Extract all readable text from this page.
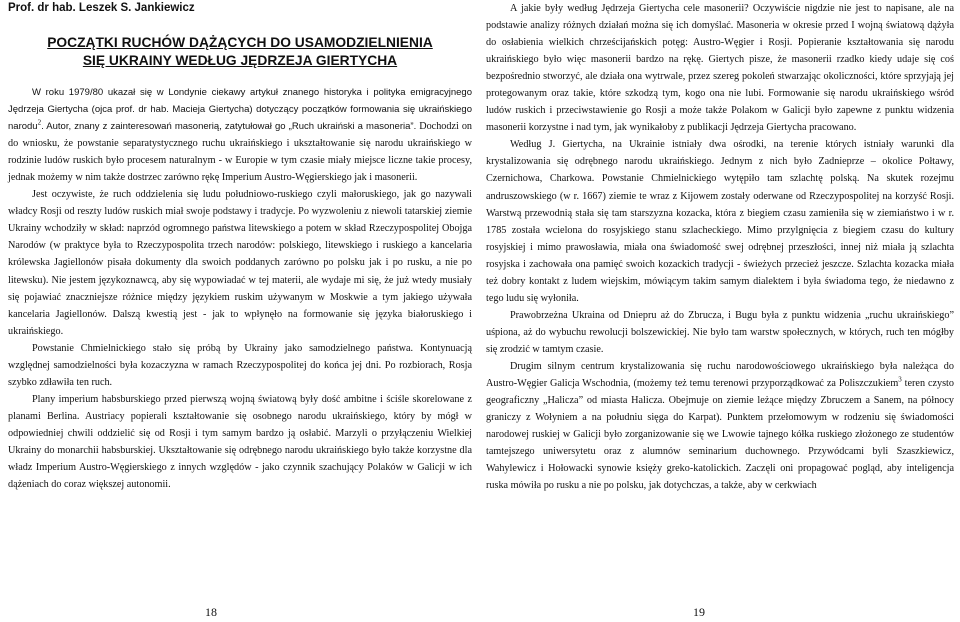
Prof. dr hab. Leszek S. Jankiewicz

POCZĄTKI RUCHÓW DĄŻĄCYCH DO USAMODZIELNIENIA
SIĘ UKRAINY WEDŁUG JĘDRZEJA GIERTYCHA

W roku 1979/80 ukazał się w Londynie ciekawy artykuł znanego historyka i polityka emigracyjnego Jędrzeja Giertycha (ojca prof. dr hab. Macieja Giertycha) dotyczący początków formowania się ukraińskiego narodu$^2$. Autor, znany z zainteresowań masonerią, zatytułował go „Ruch ukraiński a masoneria”. Dochodzi on do wniosku, że powstanie separatystycznego ruchu ukraińskiego i ukształtowanie się narodu ukraińskiego w rodzinie ludów ruskich było procesem naturalnym - w Europie w tym czasie miały miejsce liczne takie procesy, jednak możemy w nim także dostrzec zarówno rękę Imperium Austro-Węgierskiego jak i masonerii.

Jest oczywiste, że ruch oddzielenia się ludu południowo-ruskiego czyli małoruskiego, jak go nazywali władcy Rosji od reszty ludów ruskich miał swoje podstawy i tradycje. Po wyzwoleniu z niewoli tatarskiej ziemie Ukrainy wchodziły w skład: naprzód ogromnego państwa litewskiego a potem w skład Rzeczypospolitej Obojga Narodów (w praktyce była to Rzeczypospolita trzech narodów: polskiego, litewskiego i ruskiego a kancelaria królewska Jagiellonów pisała dokumenty dla swoich poddanych zarówno po polsku jak i po rusku, a nie po litewsku). Nie jestem językoznawcą, aby się wypowiadać w tej materii, ale wydaje mi się, że już wtedy musiały się pojawiać znaczniejsze różnice między językiem ruskim używanym w Moskwie a tym jakiego używała kancelaria Jagiellonów. Dalszą kwestią jest - jak to wpłynęło na formowanie się języka białoruskiego i ukraińskiego.

Powstanie Chmielnickiego stało się próbą by Ukrainy jako samodzielnego państwa. Kontynuacją względnej samodzielności była kozaczyzna w ramach Rzeczypospolitej do końca jej dni. Po rozbiorach, Rosja szybko zdławiła ten ruch.

Plany imperium habsburskiego przed pierwszą wojną światową były dość ambitne i ściśle skorelowane z planami Berlina. Austriacy popierali kształtowanie się osobnego narodu ukraińskiego, który by mógł w odpowiedniej chwili oddzielić się od Rosji i tym samym bardzo ją osłabić. Marzyli o przyłączeniu Wielkiej Ukrainy do monarchii habsburskiej. Ukształtowanie się odrębnego narodu ukraińskiego było także korzystne dla władz Imperium Austro-Węgierskiego z innych względów - jako czynnik szachujący Polaków w Galicji w ich dążeniach do coraz większej autonomii.

18

A jakie były według Jędrzeja Giertycha cele masonerii? Oczywiście nigdzie nie jest to napisane, ale na podstawie analizy różnych działań można się ich domyślać. Masoneria w okresie przed I wojną światową dążyła do osłabienia wielkich chrześcijańskich potęg: Austro-Węgier i Rosji. Popieranie kształtowania się narodu ukraińskiego było więc masonerii bardzo na rękę. Giertych pisze, że masonerii rzadko kiedy udaje się coś bezpośrednio stworzyć, ale działa ona wytrwale, przez szereg pokoleń stwarzając okoliczności, które sprzyjają jej protegowanym oraz takie, które szkodzą tym, kogo ona nie lubi. Formowanie się narodu ukraińskiego wśród ludów ruskich i przeciwstawienie go Rosji a może także Polakom w Galicji było zapewne z punktu widzenia masonerii korzystne i nad tym, jak wynikałoby z publikacji Jędrzeja Giertycha pracowano.

Według J. Giertycha, na Ukrainie istniały dwa ośrodki, na terenie których istniały warunki dla krystalizowania się odrębnego narodu ukraińskiego. Jednym z nich było Zadnieprze – okolice Połtawy, Czernichowa, Charkowa. Powstanie Chmielnickiego wytępiło tam szlachtę polską. Na skutek rozejmu andruszowskiego (w r. 1667) ziemie te wraz z Kijowem zostały oderwane od Rzeczypospolitej na korzyść Rosji. Warstwą przewodnią stała się tam starszyzna kozacka, która z biegiem czasu zamieniła się w ziemiaństwo i w r. 1785 została wcielona do rosyjskiego stanu szlacheckiego. Mimo przylgnięcia z biegiem czasu do kultury rosyjskiej i mimo prawosławia, miała ona świadomość swej odrębnej przeszłości, innej niż miała ją szlachta rosyjska i zachowała ona pamięć swoich kozackich tradycji - świeżych przecież jeszcze. Szlachta kozacka miała też dobry kontakt z ludem wiejskim, mówiącym takim samym dialektem i była świadoma tego, że niedawno z tego ludu się wyłoniła.

Prawobrzeżna Ukraina od Dniepru aż do Zbrucza, i Bugu była z punktu widzenia „ruchu ukraińskiego” uśpiona, aż do wybuchu rewolucji bolszewickiej. Nie było tam warstw społecznych, w których, ruch ten mógłby się zrodzić w tamtym czasie.

Drugim silnym centrum krystalizowania się ruchu narodowościowego ukraińskiego była należąca do Austro-Węgier Galicja Wschodnia, (możemy też temu terenowi przyporządkować za Poliszczukiem$^3$ teren czysto geograficzny „Halicza” od miasta Halicza. Obejmuje on ziemie leżące między Zbruczem a Sanem, na północy graniczy z Wołyniem a na południu sięga do Karpat). Punktem przełomowym w rodzeniu się świadomości narodowej ruskiej w Galicji było zorganizowanie się we Lwowie tajnego kółka ruskiego złożonego ze studentów tamtejszego uniwersytetu oraz z alumnów seminarium duchownego. Przywódcami byli Szaszkiewicz, Wahylewicz i Hołowacki synowie księży greko-katolickich. Zaczęli oni propagować pogląd, aby inteligencja ruska mówiła po rusku a nie po polsku, jak dotychczas, a także, aby w cerkwiach

19
